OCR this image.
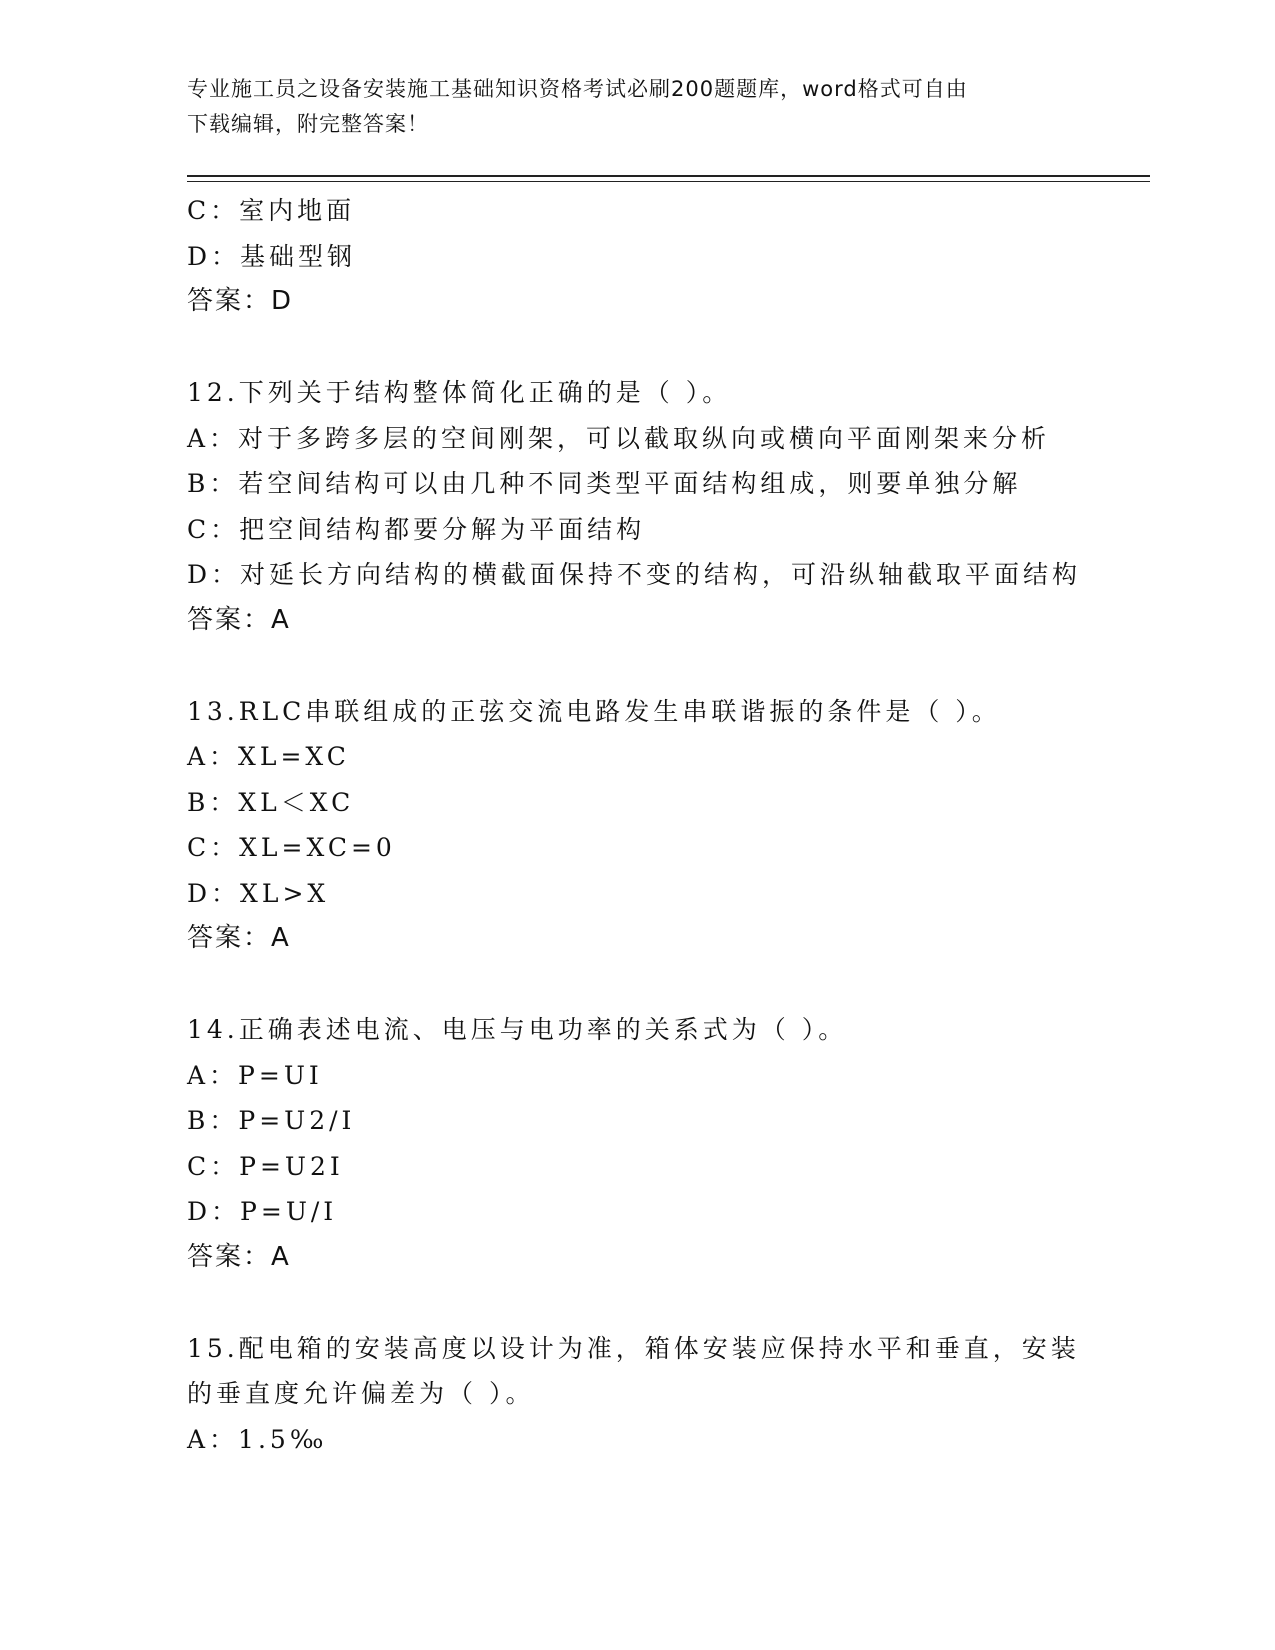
专业施工员之设备安装施工基础知识资格考试必刷200题题库，word格式可自由
下载编辑，附完整答案！
C：室内地面
D：基础型钢
答案：D
12.下列关于结构整体简化正确的是（ ）。
A：对于多跨多层的空间刚架，可以截取纵向或横向平面刚架来分析
B：若空间结构可以由几种不同类型平面结构组成，则要单独分解
C：把空间结构都要分解为平面结构
D：对延长方向结构的横截面保持不变的结构，可沿纵轴截取平面结构
答案：A
13.RLC串联组成的正弦交流电路发生串联谐振的条件是（ ）。
A：XL=XC
B：XL＜XC
C：XL=XC=0
D：XL>X
答案：A
14.正确表述电流、电压与电功率的关系式为（ ）。
A：P=UI
B：P=U2/I
C：P=U2I
D：P=U/I
答案：A
15.配电箱的安装高度以设计为准，箱体安装应保持水平和垂直，安装
的垂直度允许偏差为（ ）。
A：1.5‰
